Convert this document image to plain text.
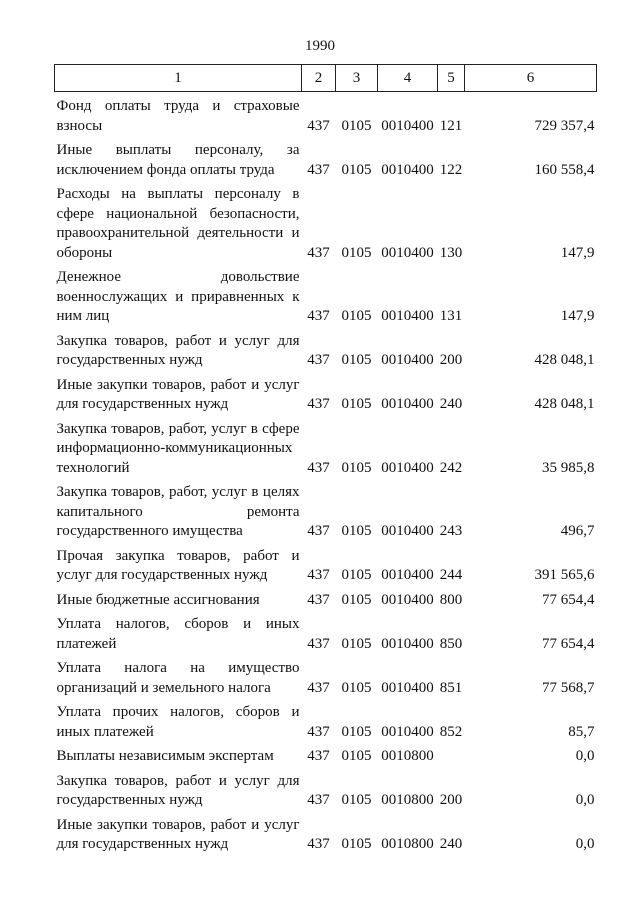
1990
1	2	3	4	5	6
Фонд оплаты труда и страховые взносы	437	0105	0010400	121	729 357,4
Иные выплаты персоналу, за исключением фонда оплаты труда	437	0105	0010400	122	160 558,4
Расходы на выплаты персоналу в сфере национальной безопасности, правоохранительной деятельности и обороны	437	0105	0010400	130	147,9
Денежное довольствие военнослужащих и приравненных к ним лиц	437	0105	0010400	131	147,9
Закупка товаров, работ и услуг для государственных нужд	437	0105	0010400	200	428 048,1
Иные закупки товаров, работ и услуг для государственных нужд	437	0105	0010400	240	428 048,1
Закупка товаров, работ, услуг в сфере информационно-коммуникационных технологий	437	0105	0010400	242	35 985,8
Закупка товаров, работ, услуг в целях капитального ремонта государственного имущества	437	0105	0010400	243	496,7
Прочая закупка товаров, работ и услуг для государственных нужд	437	0105	0010400	244	391 565,6
Иные бюджетные ассигнования	437	0105	0010400	800	77 654,4
Уплата налогов, сборов и иных платежей	437	0105	0010400	850	77 654,4
Уплата налога на имущество организаций и земельного налога	437	0105	0010400	851	77 568,7
Уплата прочих налогов, сборов и иных платежей	437	0105	0010400	852	85,7
Выплаты независимым экспертам	437	0105	0010800		0,0
Закупка товаров, работ и услуг для государственных нужд	437	0105	0010800	200	0,0
Иные закупки товаров, работ и услуг для государственных нужд	437	0105	0010800	240	0,0
